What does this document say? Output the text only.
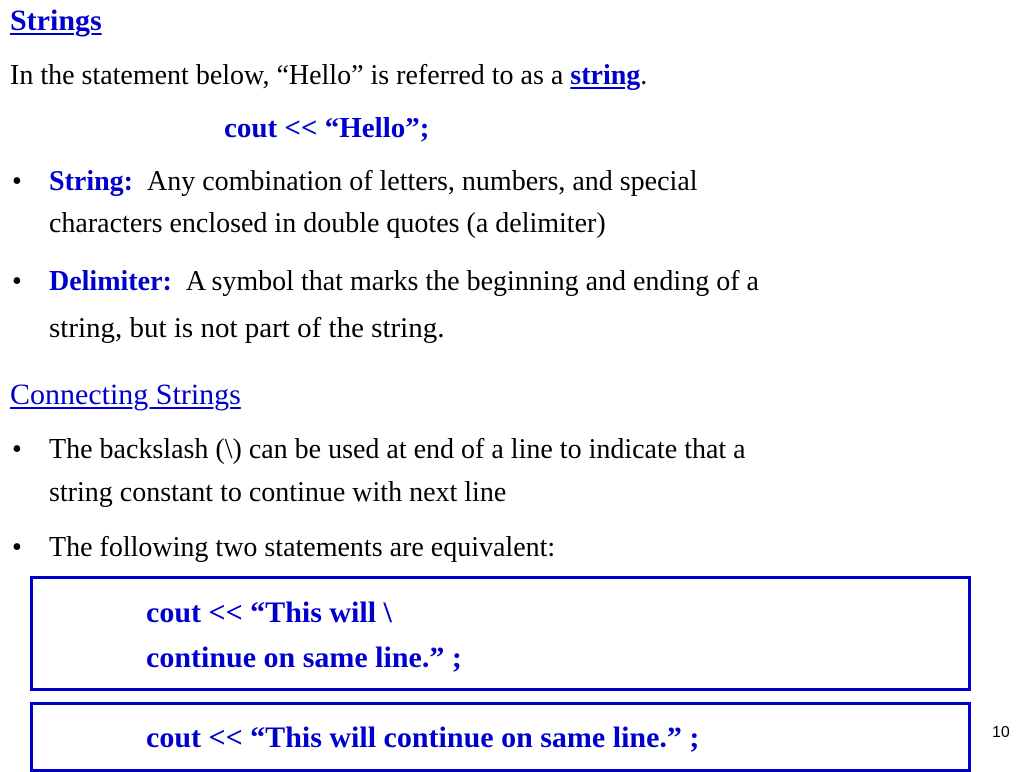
Strings
In the statement below, “Hello” is referred to as a string.
cout << “Hello”;
• String: Any combination of letters, numbers, and special
characters enclosed in double quotes (a delimiter)
• Delimiter: A symbol that marks the beginning and ending of a
string, but is not part of the string.
Connecting Strings
• The backslash (\) can be used at end of a line to indicate that a
string constant to continue with next line
• The following two statements are equivalent:
cout << “This will \
continue on same line.” ;
cout << “This will continue on same line.” ;	10
